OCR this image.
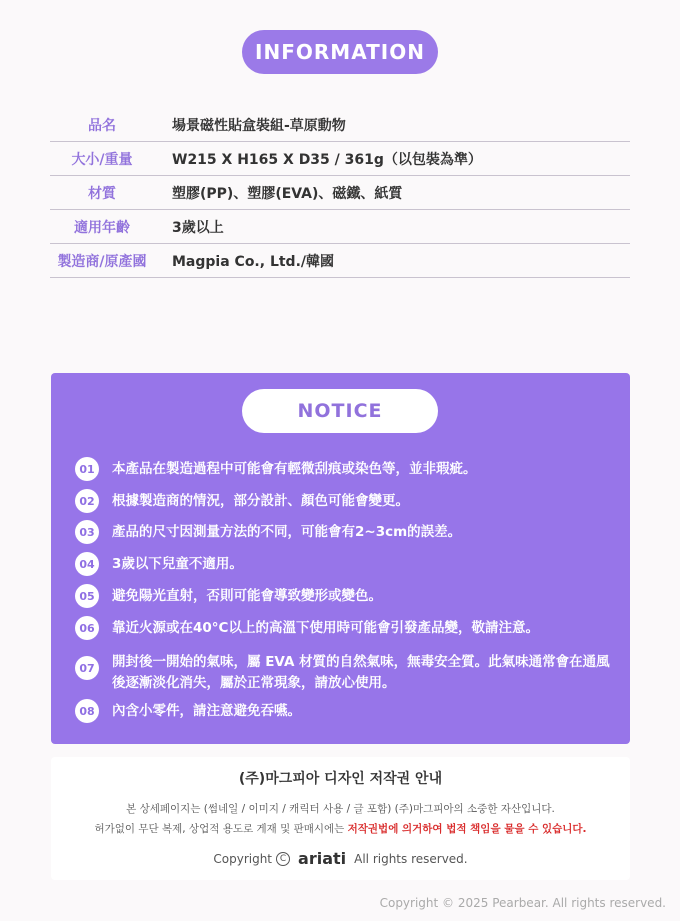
INFORMATION
品名	場景磁性貼盒裝組-草原動物
大小/重量	W215 X H165 X D35 / 361g（以包裝為準）
材質	塑膠(PP)、塑膠(EVA)、磁鐵、紙質
適用年齡	3歲以上
製造商/原產國	Magpia Co., Ltd./韓國
NOTICE
01	本產品在製造過程中可能會有輕微刮痕或染色等，並非瑕疵。
02	根據製造商的情況，部分設計、顏色可能會變更。
03	產品的尺寸因測量方法的不同，可能會有2~3cm的誤差。
04	3歲以下兒童不適用。
05	避免陽光直射，否則可能會導致變形或變色。
06	靠近火源或在40°C以上的高溫下使用時可能會引發產品變，敬請注意。
07	開封後一開始的氣味，屬 EVA 材質的自然氣味，無毒安全質。此氣味通常會在通風後逐漸淡化消失，屬於正常現象，請放心使用。
08	內含小零件，請注意避免吞嚥。
(주)마그피아 디자인 저작권 안내
본 상세페이지는 (썸네일 / 이미지 / 캐릭터 사용 / 글 포함) (주)마그피아의 소중한 자산입니다.
허가없이 무단 복제, 상업적 용도로 게재 및 판매시에는 저작권법에 의거하여 법적 책임을 물을 수 있습니다.
Copyright C ariati All rights reserved.
Copyright © 2025 Pearbear. All rights reserved.
